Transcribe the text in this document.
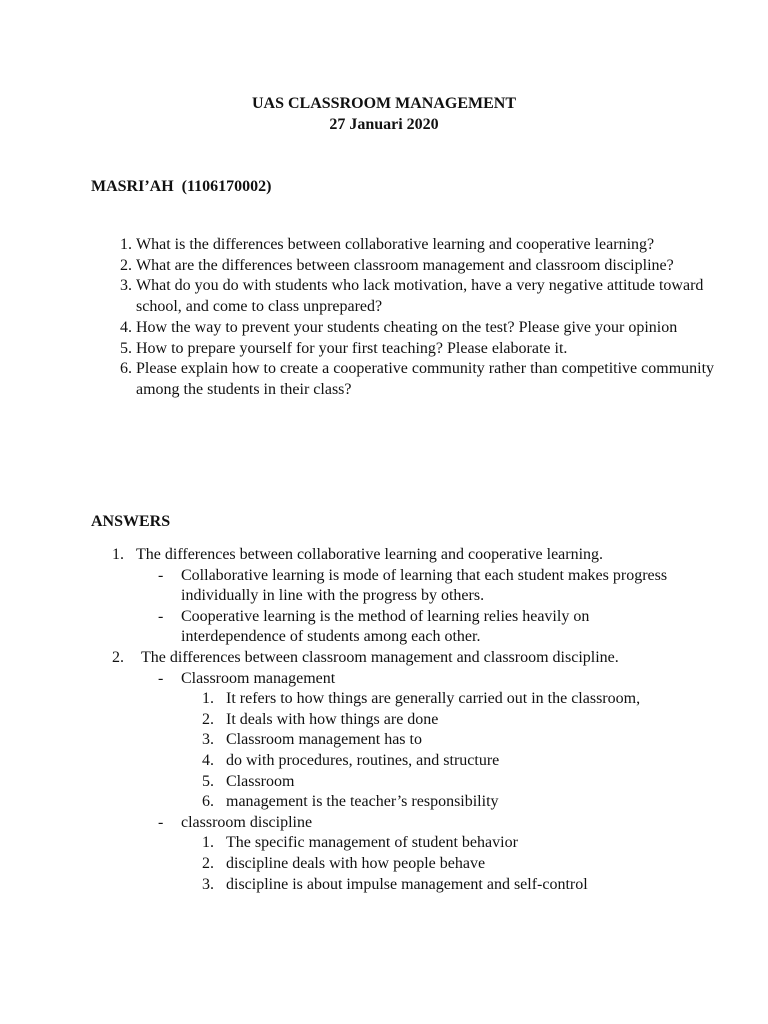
UAS CLASSROOM MANAGEMENT
27 Januari 2020
MASRI’AH  (1106170002)
1. What is the differences between collaborative learning and cooperative learning?
2. What are the differences between classroom management and classroom discipline?
3. What do you do with students who lack motivation, have a very negative attitude toward school, and come to class unprepared?
4. How the way to prevent your students cheating on the test? Please give your opinion
5. How to prepare yourself for your first teaching? Please elaborate it.
6. Please explain how to create a cooperative community rather than competitive community among the students in their class?
ANSWERS
1. The differences between collaborative learning and cooperative learning.
- Collaborative learning is mode of learning that each student makes progress individually in line with the progress by others.
- Cooperative learning is the method of learning relies heavily on interdependence of students among each other.
2. The differences between classroom management and classroom discipline.
- Classroom management
1. It refers to how things are generally carried out in the classroom,
2. It deals with how things are done
3. Classroom management has to
4. do with procedures, routines, and structure
5. Classroom
6. management is the teacher’s responsibility
- classroom discipline
1. The specific management of student behavior
2. discipline deals with how people behave
3. discipline is about impulse management and self-control
